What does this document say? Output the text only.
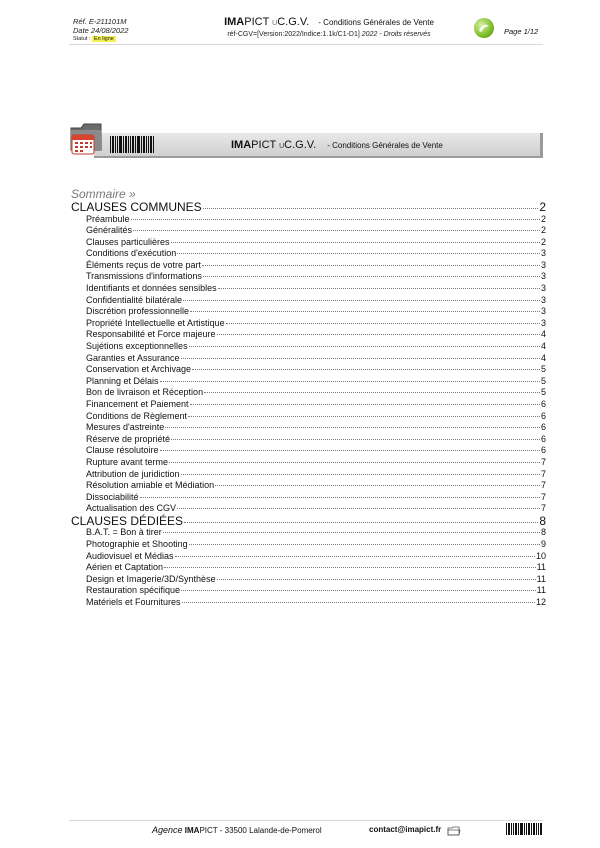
Réf. E-211101M
Date 24/08/2022
Statut : En ligne
IMAPICT UC.G.V. - Conditions Générales de Vente
réf-CGV=[Version:2022/Indice:1.1k/C1-D1] 2022 - Droits réservés	Page 1/12
IMAPICT UC.G.V. - Conditions Générales de Vente
Sommaire »
CLAUSES COMMUNES	2
Préambule	2
Généralités	2
Clauses particulières	2
Conditions d'exécution	3
Éléments reçus de votre part	3
Transmissions d'informations	3
Identifiants et données sensibles	3
Confidentialité bilatérale	3
Discrétion professionnelle	3
Propriété Intellectuelle et Artistique	3
Responsabilité et Force majeure	4
Sujétions exceptionnelles	4
Garanties et Assurance	4
Conservation et Archivage	5
Planning et Délais	5
Bon de livraison et Réception	5
Financement et Paiement	6
Conditions de Règlement	6
Mesures d'astreinte	6
Réserve de propriété	6
Clause résolutoire	6
Rupture avant terme	7
Attribution de juridiction	7
Résolution amiable et Médiation	7
Dissociabilité	7
Actualisation des CGV	7
CLAUSES DÉDIÉES	8
B.A.T. = Bon à tirer	8
Photographie et Shooting	9
Audiovisuel et Médias	10
Aérien et Captation	11
Design et Imagerie/3D/Synthèse	11
Restauration spécifique	11
Matériels et Fournitures	12
Agence IMAPICT - 33500 Lalande-de-Pomerol	contact@imapict.fr
